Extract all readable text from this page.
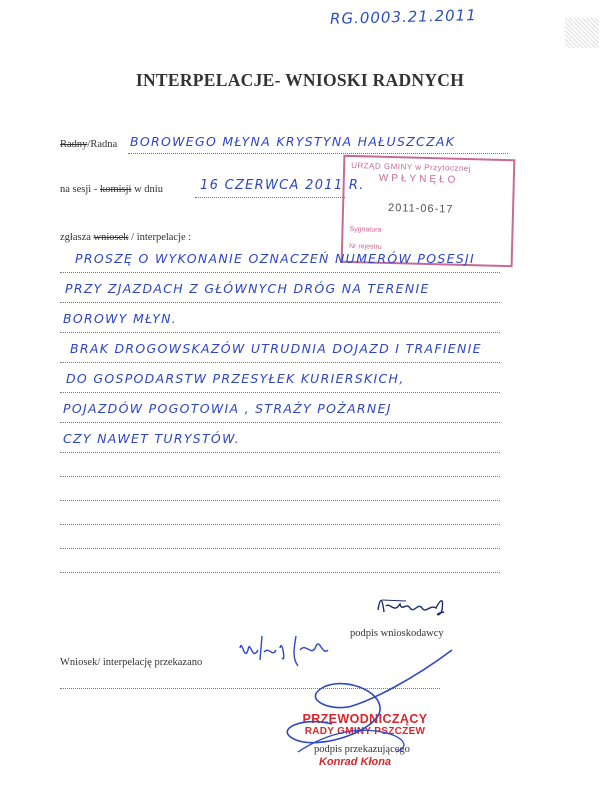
RG.0003.21.2011
INTERPELACJE- WNIOSKI RADNYCH
Radny/Radna BOROWEGO MŁYNA KRYSTYNA HAŁUSZCZAK
na sesji - komisji w dniu	16 CZERWCA 2011 R.
URZĄD GMINY w Przytocznej
WPŁYNĘŁO
2011-06-17
Sygnatura
Nr rejestru
zgłasza wniosek / interpelacje :
PROSZĘ O WYKONANIE OZNACZEŃ NUMERÓW POSESJI
PRZY ZJAZDACH Z GŁÓWNYCH DRÓG NA TERENIE
BOROWY MŁYN.
BRAK DROGOWSKAZÓW UTRUDNIA DOJAZD I TRAFIENIE
DO GOSPODARSTW PRZESYŁEK KURIERSKICH,
POJAZDÓW POGOTOWIA , STRAŻY POŻARNEJ
CZY NAWET TURYSTÓW.
podpis wnioskodawcy
Wniosek/ interpelację przekazano
PRZEWODNICZĄCY
RADY GMINY PSZCZEW
Konrad Kłona
podpis przekazującego
